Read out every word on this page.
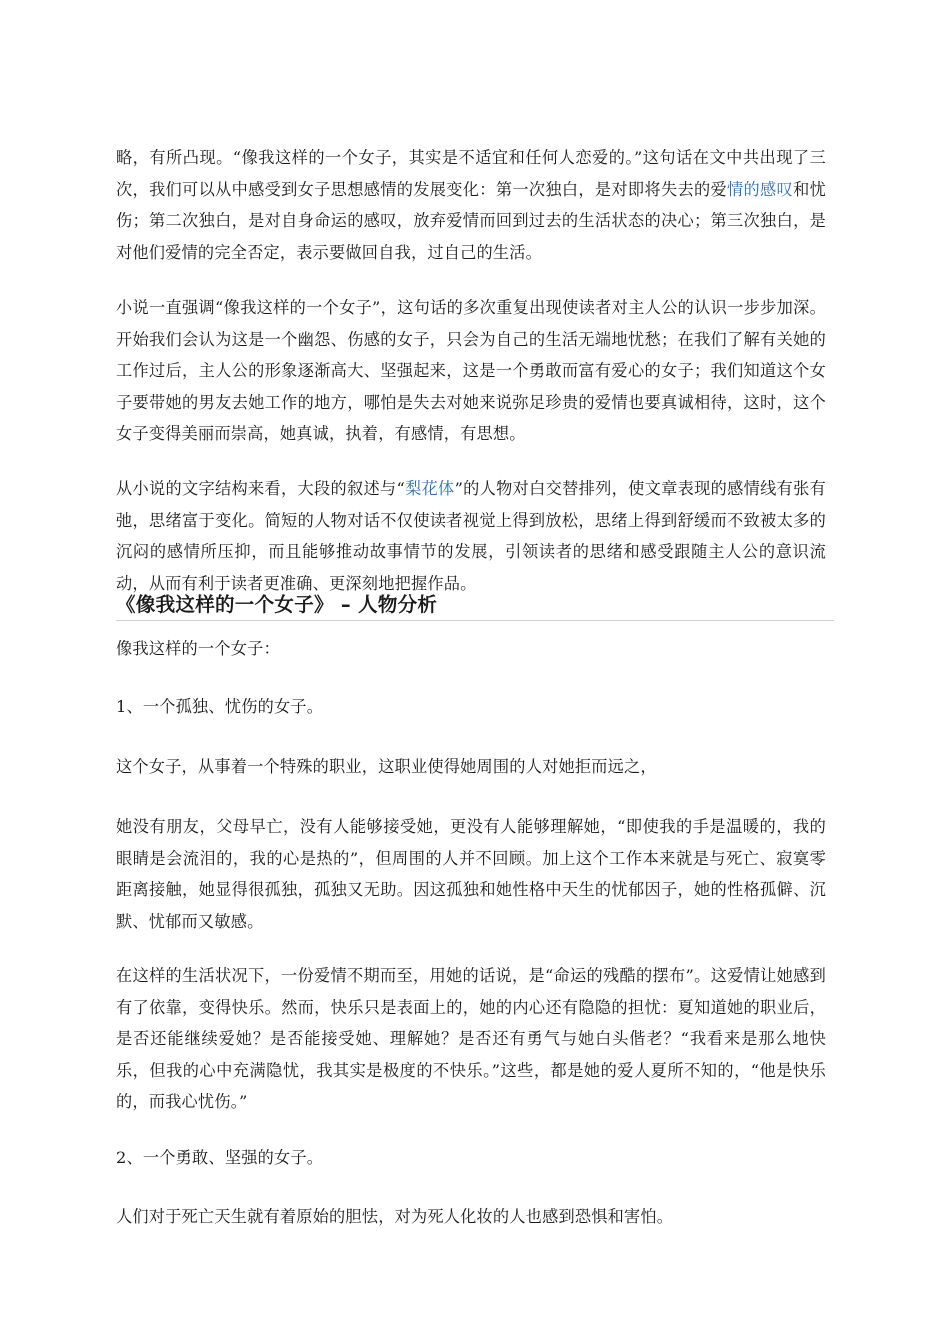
略，有所凸现。“像我这样的一个女子，其实是不适宜和任何人恋爱的。”这句话在文中共出现了三次，我们可以从中感受到女子思想感情的发展变化：第一次独白，是对即将失去的爱情的感叹和忧伤；第二次独白，是对自身命运的感叹，放弃爱情而回到过去的生活状态的决心；第三次独白，是对他们爱情的完全否定，表示要做回自我，过自己的生活。

小说一直强调“像我这样的一个女子”，这句话的多次重复出现使读者对主人公的认识一步步加深。开始我们会认为这是一个幽怨、伤感的女子，只会为自己的生活无端地忧愁；在我们了解有关她的工作过后，主人公的形象逐渐高大、坚强起来，这是一个勇敢而富有爱心的女子；我们知道这个女子要带她的男友去她工作的地方，哪怕是失去对她来说弥足珍贵的爱情也要真诚相待，这时，这个女子变得美丽而崇高，她真诚，执着，有感情，有思想。

从小说的文字结构来看，大段的叙述与“梨花体”的人物对白交替排列，使文章表现的感情线有张有弛，思绪富于变化。简短的人物对话不仅使读者视觉上得到放松，思绪上得到舒缓而不致被太多的沉闷的感情所压抑，而且能够推动故事情节的发展，引领读者的思绪和感受跟随主人公的意识流动，从而有利于读者更准确、更深刻地把握作品。

《像我这样的一个女子》 – 人物分析

像我这样的一个女子：

1、一个孤独、忧伤的女子。

这个女子，从事着一个特殊的职业，这职业使得她周围的人对她拒而远之，

她没有朋友，父母早亡，没有人能够接受她，更没有人能够理解她，“即使我的手是温暖的，我的眼睛是会流泪的，我的心是热的”，但周围的人并不回顾。加上这个工作本来就是与死亡、寂寞零距离接触，她显得很孤独，孤独又无助。因这孤独和她性格中天生的忧郁因子，她的性格孤僻、沉默、忧郁而又敏感。

在这样的生活状况下，一份爱情不期而至，用她的话说，是“命运的残酷的摆布”。这爱情让她感到有了依靠，变得快乐。然而，快乐只是表面上的，她的内心还有隐隐的担忧：夏知道她的职业后，是否还能继续爱她？是否能接受她、理解她？是否还有勇气与她白头偕老？“我看来是那么地快乐，但我的心中充满隐忧，我其实是极度的不快乐。”这些，都是她的爱人夏所不知的，“他是快乐的，而我心忧伤。”

2、一个勇敢、坚强的女子。

人们对于死亡天生就有着原始的胆怯，对为死人化妆的人也感到恐惧和害怕。
